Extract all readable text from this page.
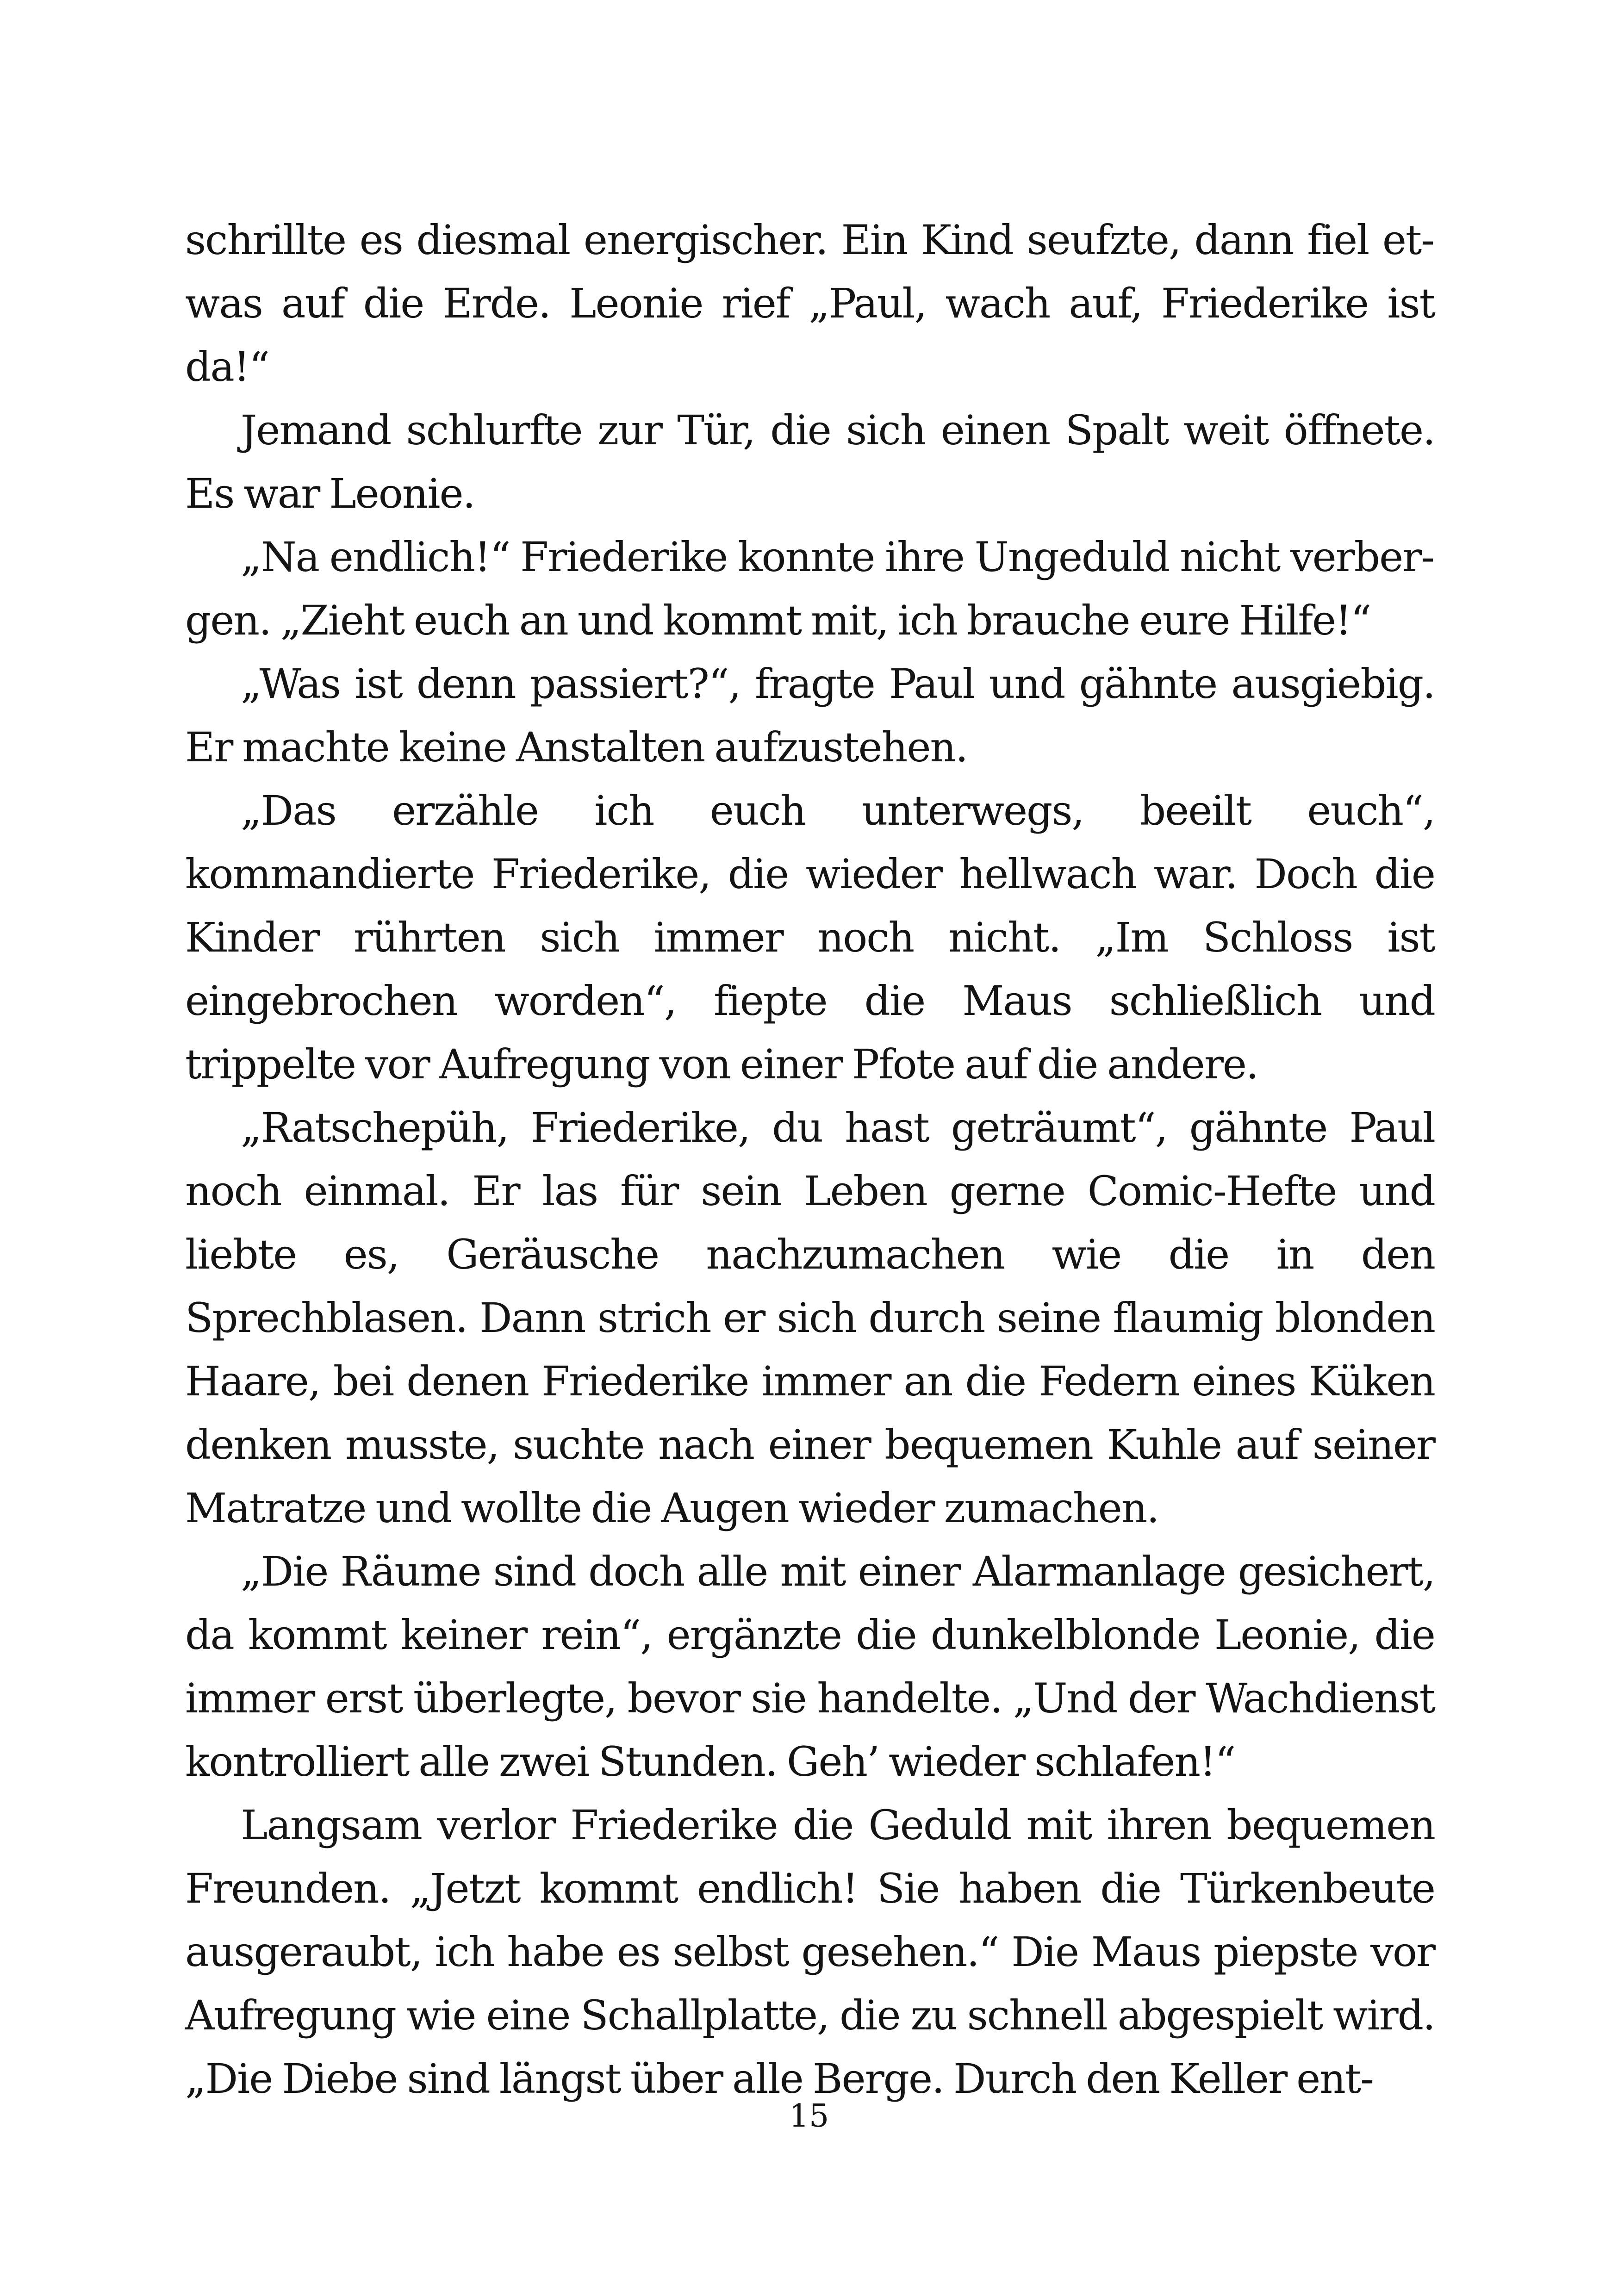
schrillte es diesmal energischer. Ein Kind seufzte, dann fiel etwas auf die Erde. Leonie rief „Paul, wach auf, Friederike ist da!“

Jemand schlurfte zur Tür, die sich einen Spalt weit öffnete. Es war Leonie.

„Na endlich!“ Friederike konnte ihre Ungeduld nicht verbergen. „Zieht euch an und kommt mit, ich brauche eure Hilfe!“

„Was ist denn passiert?“, fragte Paul und gähnte ausgiebig. Er machte keine Anstalten aufzustehen.

„Das erzähle ich euch unterwegs, beeilt euch“, kommandierte Friederike, die wieder hellwach war. Doch die Kinder rührten sich immer noch nicht. „Im Schloss ist eingebrochen worden“, fiepte die Maus schließlich und trippelte vor Aufregung von einer Pfote auf die andere.

„Ratschepüh, Friederike, du hast geträumt“, gähnte Paul noch einmal. Er las für sein Leben gerne Comic-Hefte und liebte es, Geräusche nachzumachen wie die in den Sprechblasen. Dann strich er sich durch seine flaumig blonden Haare, bei denen Friederike immer an die Federn eines Küken denken musste, suchte nach einer bequemen Kuhle auf seiner Matratze und wollte die Augen wieder zumachen.

„Die Räume sind doch alle mit einer Alarmanlage gesichert, da kommt keiner rein“, ergänzte die dunkelblonde Leonie, die immer erst überlegte, bevor sie handelte. „Und der Wachdienst kontrolliert alle zwei Stunden. Geh’ wieder schlafen!“

Langsam verlor Friederike die Geduld mit ihren bequemen Freunden. „Jetzt kommt endlich! Sie haben die Türkenbeute ausgeraubt, ich habe es selbst gesehen.“ Die Maus piepste vor Aufregung wie eine Schallplatte, die zu schnell abgespielt wird. „Die Diebe sind längst über alle Berge. Durch den Keller ent-

15
